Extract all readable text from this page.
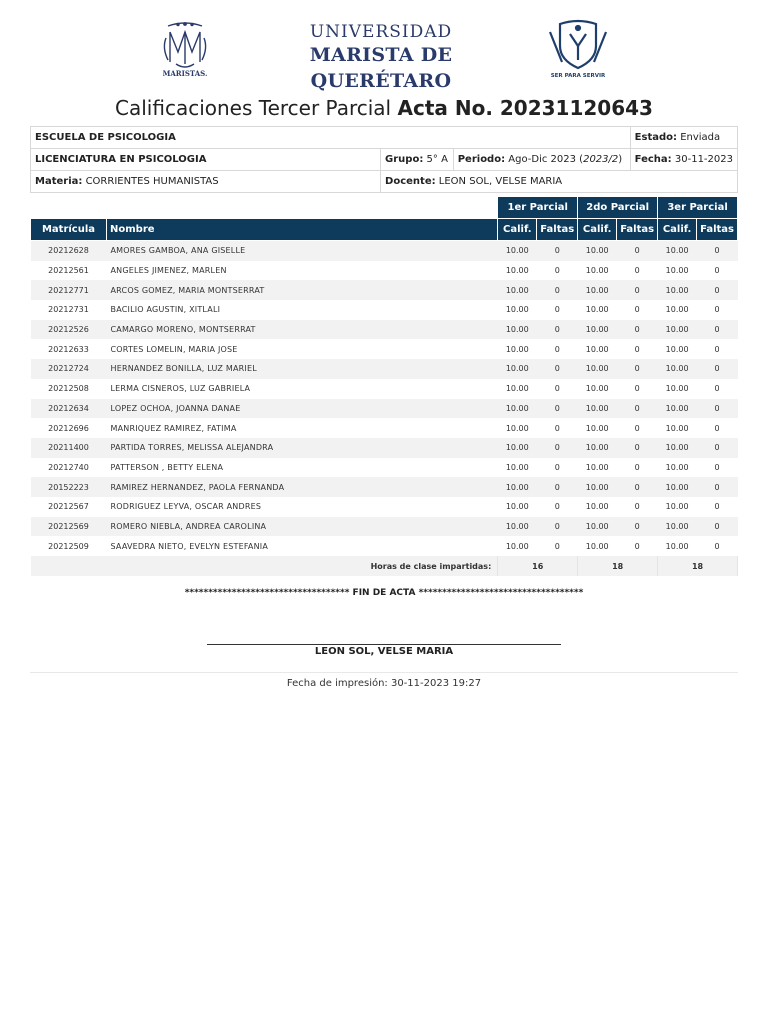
MARISTAS.
UNIVERSIDAD
MARISTA DE QUERÉTARO	SER PARA SERVIR
Calificaciones Tercer Parcial Acta No. 20231120643
ESCUELA DE PSICOLOGIA			Estado: Enviada
LICENCIATURA EN PSICOLOGIA	Grupo: 5° A	Periodo: Ago-Dic 2023 (2023/2)	Fecha: 30-11-2023
Materia: CORRIENTES HUMANISTAS	Docente: LEON SOL, VELSE MARIA		
		1er Parcial		2do Parcial		3er Parcial	
Matrícula	Nombre	Calif.	Faltas	Calif.	Faltas	Calif.	Faltas
20212628	AMORES GAMBOA, ANA GISELLE	10.00	0	10.00	0	10.00	0
20212561	ANGELES JIMENEZ, MARLEN	10.00	0	10.00	0	10.00	0
20212771	ARCOS GOMEZ, MARIA MONTSERRAT	10.00	0	10.00	0	10.00	0
20212731	BACILIO AGUSTIN, XITLALI	10.00	0	10.00	0	10.00	0
20212526	CAMARGO MORENO, MONTSERRAT	10.00	0	10.00	0	10.00	0
20212633	CORTES LOMELIN, MARIA JOSE	10.00	0	10.00	0	10.00	0
20212724	HERNANDEZ BONILLA, LUZ MARIEL	10.00	0	10.00	0	10.00	0
20212508	LERMA CISNEROS, LUZ GABRIELA	10.00	0	10.00	0	10.00	0
20212634	LOPEZ OCHOA, JOANNA DANAE	10.00	0	10.00	0	10.00	0
20212696	MANRIQUEZ RAMIREZ, FATIMA	10.00	0	10.00	0	10.00	0
20211400	PARTIDA TORRES, MELISSA ALEJANDRA	10.00	0	10.00	0	10.00	0
20212740	PATTERSON , BETTY ELENA	10.00	0	10.00	0	10.00	0
20152223	RAMIREZ HERNANDEZ, PAOLA FERNANDA	10.00	0	10.00	0	10.00	0
20212567	RODRIGUEZ LEYVA, OSCAR ANDRES	10.00	0	10.00	0	10.00	0
20212569	ROMERO NIEBLA, ANDREA CAROLINA	10.00	0	10.00	0	10.00	0
20212509	SAAVEDRA NIETO, EVELYN ESTEFANIA	10.00	0	10.00	0	10.00	0
Horas de clase impartidas:		16		18		18	
*********************************** FIN DE ACTA ***********************************
LEON SOL, VELSE MARIA
Fecha de impresión: 30-11-2023 19:27
